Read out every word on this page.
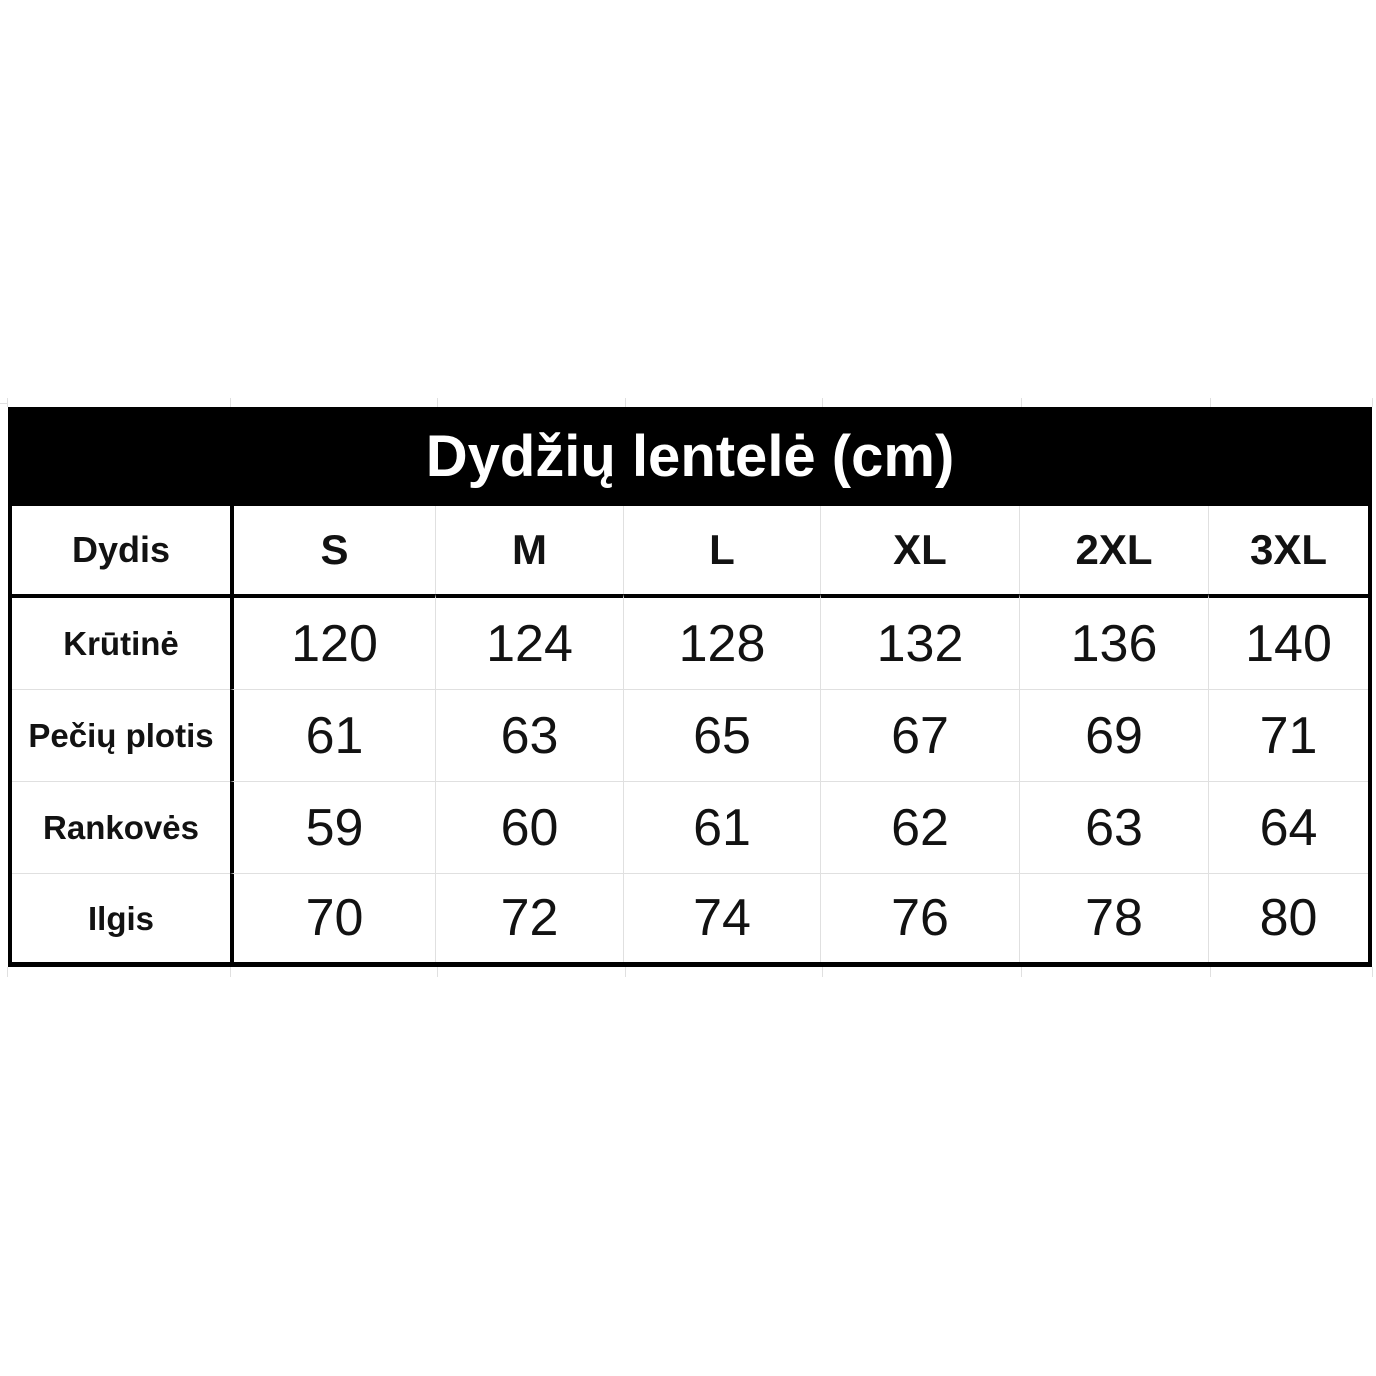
Dydžių lentelė (cm)
Dydis	S	M	L	XL	2XL	3XL
Krūtinė	120	124	128	132	136	140
Pečių plotis	61	63	65	67	69	71
Rankovės	59	60	61	62	63	64
Ilgis	70	72	74	76	78	80
